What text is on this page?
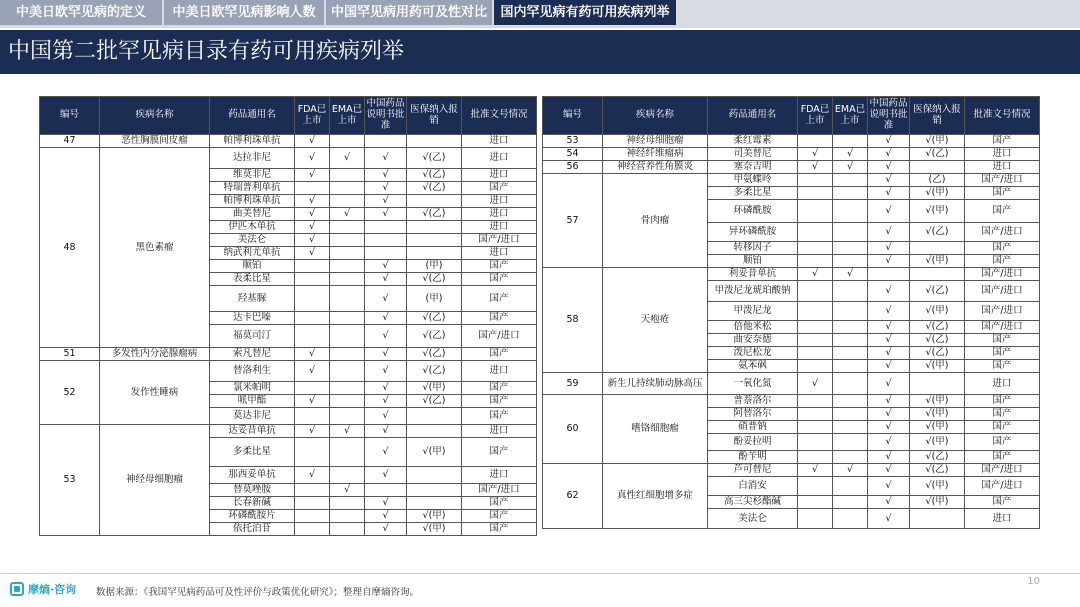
中美日欧罕见病的定义	中美日欧罕见病影响人数	中国罕见病用药可及性对比	国内罕见病有药可用疾病列举
中国第二批罕见病目录有药可用疾病列举
编号	疾病名称	药品通用名	FDA已上市	EMA已上市	中国药品说明书批准	医保纳入报销	批准文号情况
47	恶性胸膜间皮瘤	帕博利珠单抗	√				进口
48	黑色素瘤	达拉非尼	√	√	√	√(乙)	进口
		维莫非尼	√		√	√(乙)	进口
		特瑞普利单抗			√	√(乙)	国产
		帕博利珠单抗	√		√		进口
		曲美替尼	√	√	√	√(乙)	进口
		伊匹木单抗	√				进口
		美法仑	√				国产/进口
		纳武利尤单抗	√				进口
		顺铂			√	(甲)	国产
		表柔比星			√	√(乙)	国产
		羟基脲			√	(甲)	国产
		达卡巴嗪			√	√(乙)	国产
		福莫司汀			√	√(乙)	国产/进口
51	多发性内分泌腺瘤病	索凡替尼	√		√	√(乙)	国产
52	发作性睡病	替洛利生	√		√	√(乙)	进口
		氯米帕明			√	√(甲)	国产
		哌甲酯	√		√	√(乙)	国产
		莫达非尼			√		国产
53	神经母细胞瘤	达妥昔单抗	√	√	√		进口
		多柔比星			√	√(甲)	国产
		那西妥单抗	√		√		进口
		替莫唑胺		√			国产/进口
		长春新碱			√		国产
		环磷酰胺片			√	√(甲)	国产
		依托泊苷			√	√(甲)	国产
编号	疾病名称	药品通用名	FDA已上市	EMA已上市	中国药品说明书批准	医保纳入报销	批准文号情况
53	神经母细胞瘤	柔红霉素			√	√(甲)	国产
54	神经纤维瘤病	司美替尼	√	√	√	√(乙)	进口
56	神经营养性角膜炎	塞奈吉明	√	√	√		进口
57	骨肉瘤	甲氨蝶呤			√	(乙)	国产/进口
		多柔比星			√	√(甲)	国产
		环磷酰胺			√	√(甲)	国产
		异环磷酰胺			√	√(乙)	国产/进口
		转移因子			√		国产
		顺铂			√	√(甲)	国产
58	天疱疮	利妥昔单抗	√	√			国产/进口
		甲泼尼龙琥珀酸钠			√	√(乙)	国产/进口
		甲泼尼龙			√	√(甲)	国产/进口
		倍他米松			√	√(乙)	国产/进口
		曲安奈德			√	√(乙)	国产
		泼尼松龙			√	√(乙)	国产
		氨苯砜			√	√(甲)	国产
59	新生儿持续肺动脉高压	一氧化氮	√		√		进口
60	嗜铬细胞瘤	普萘洛尔			√	√(甲)	国产
		阿替洛尔			√	√(甲)	国产
		硝普钠			√	√(甲)	国产
		酚妥拉明			√	√(甲)	国产
		酚苄明			√	√(乙)	国产
62	真性红细胞增多症	芦可替尼	√	√	√	√(乙)	国产/进口
		白消安			√	√(甲)	国产/进口
		高三尖杉酯碱			√	√(甲)	国产
		美法仑			√		进口
摩熵·咨询 数据来源：《我国罕见病药品可及性评价与政策优化研究》；整理自摩熵咨询。
10
